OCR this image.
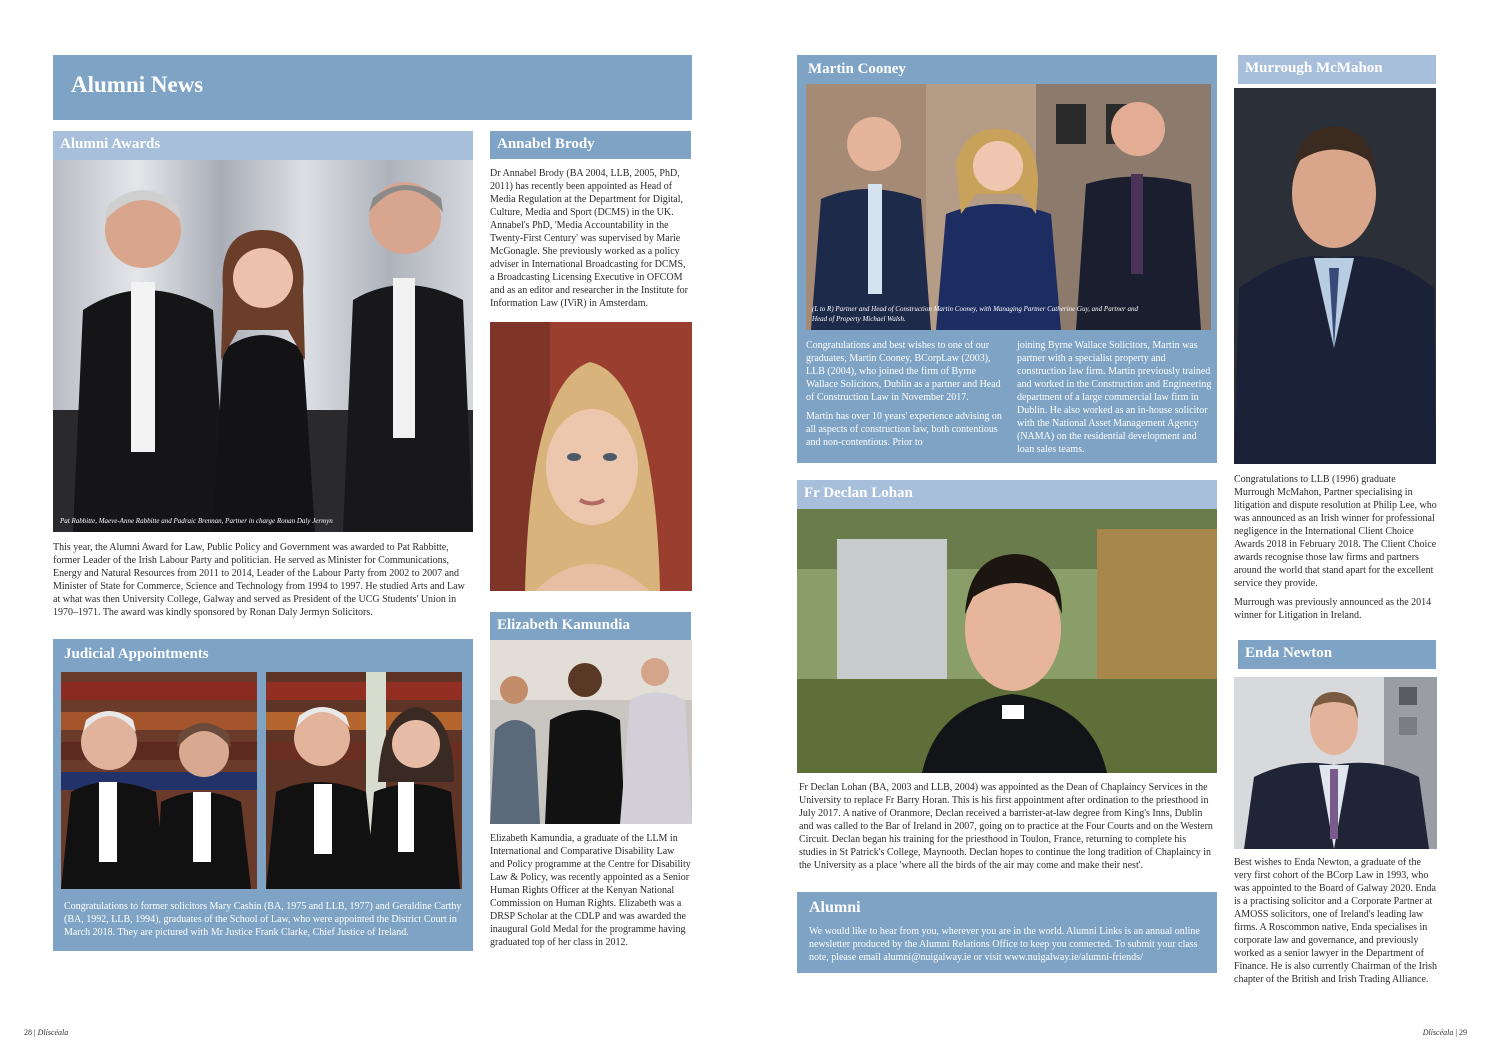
Alumni News
Alumni Awards
Pat Rabbitte, Maeve-Anne Rabbitte and Padraic Brennan, Partner in charge Ronan Daly Jermyn
This year, the Alumni Award for Law, Public Policy and Government was awarded to Pat Rabbitte, former Leader of the Irish Labour Party and politician. He served as Minister for Communications, Energy and Natural Resources from 2011 to 2014, Leader of the Labour Party from 2002 to 2007 and Minister of State for Commerce, Science and Technology from 1994 to 1997. He studied Arts and Law at what was then University College, Galway and served as President of the UCG Students' Union in 1970–1971. The award was kindly sponsored by Ronan Daly Jermyn Solicitors.
Annabel Brody
Dr Annabel Brody (BA 2004, LLB, 2005, PhD, 2011) has recently been appointed as Head of Media Regulation at the Department for Digital, Culture, Media and Sport (DCMS) in the UK. Annabel's PhD, 'Media Accountability in the Twenty-First Century' was supervised by Marie McGonagle. She previously worked as a policy adviser in International Broadcasting for DCMS, a Broadcasting Licensing Executive in OFCOM and as an editor and researcher in the Institute for Information Law (IViR) in Amsterdam.
Judicial Appointments
Congratulations to former solicitors Mary Cashin (BA, 1975 and LLB, 1977) and Geraldine Carthy (BA, 1992, LLB, 1994), graduates of the School of Law, who were appointed the District Court in March 2018. They are pictured with Mr Justice Frank Clarke, Chief Justice of Ireland.
Elizabeth Kamundia
Elizabeth Kamundia, a graduate of the LLM in International and Comparative Disability Law and Policy programme at the Centre for Disability Law & Policy, was recently appointed as a Senior Human Rights Officer at the Kenyan National Commission on Human Rights. Elizabeth was a DRSP Scholar at the CDLP and was awarded the inaugural Gold Medal for the programme having graduated top of her class in 2012.
28 | Dlíscéala
Martin Cooney
(L to R) Partner and Head of Construction Martin Cooney, with Managing Partner Catherine Guy, and Partner and Head of Property Michael Walsh.

Congratulations and best wishes to one of our graduates, Martin Cooney, BCorpLaw (2003), LLB (2004), who joined the firm of Byrne Wallace Solicitors, Dublin as a partner and Head of Construction Law in November 2017.

Martin has over 10 years' experience advising on all aspects of construction law, both contentious and non-contentious. Prior to

joining Byrne Wallace Solicitors, Martin was partner with a specialist property and construction law firm. Martin previously trained and worked in the Construction and Engineering department of a large commercial law firm in Dublin. He also worked as an in-house solicitor with the National Asset Management Agency (NAMA) on the residential development and loan sales teams.
Fr Declan Lohan
Fr Declan Lohan (BA, 2003 and LLB, 2004) was appointed as the Dean of Chaplaincy Services in the University to replace Fr Barry Horan. This is his first appointment after ordination to the priesthood in July 2017. A native of Oranmore, Declan received a barrister-at-law degree from King's Inns, Dublin and was called to the Bar of Ireland in 2007, going on to practice at the Four Courts and on the Western Circuit. Declan began his training for the priesthood in Toulon, France, returning to complete his studies in St Patrick's College, Maynooth. Declan hopes to continue the long tradition of Chaplaincy in the University as a place 'where all the birds of the air may come and make their nest'.
Alumni
We would like to hear from you, wherever you are in the world. Alumni Links is an annual online newsletter produced by the Alumni Relations Office to keep you connected. To submit your class note, please email alumni@nuigalway.ie or visit www.nuigalway.ie/alumni-friends/
Murrough McMahon

Congratulations to LLB (1996) graduate Murrough McMahon, Partner specialising in litigation and dispute resolution at Philip Lee, who was announced as an Irish winner for professional negligence in the International Client Choice Awards 2018 in February 2018. The Client Choice awards recognise those law firms and partners around the world that stand apart for the excellent service they provide.

Murrough was previously announced as the 2014 winner for Litigation in Ireland.

Enda Newton
Best wishes to Enda Newton, a graduate of the very first cohort of the BCorp Law in 1993, who was appointed to the Board of Galway 2020. Enda is a practising solicitor and a Corporate Partner at AMOSS solicitors, one of Ireland's leading law firms. A Roscommon native, Enda specialises in corporate law and governance, and previously worked as a senior lawyer in the Department of Finance. He is also currently Chairman of the Irish chapter of the British and Irish Trading Alliance.
Dlíscéala | 29
